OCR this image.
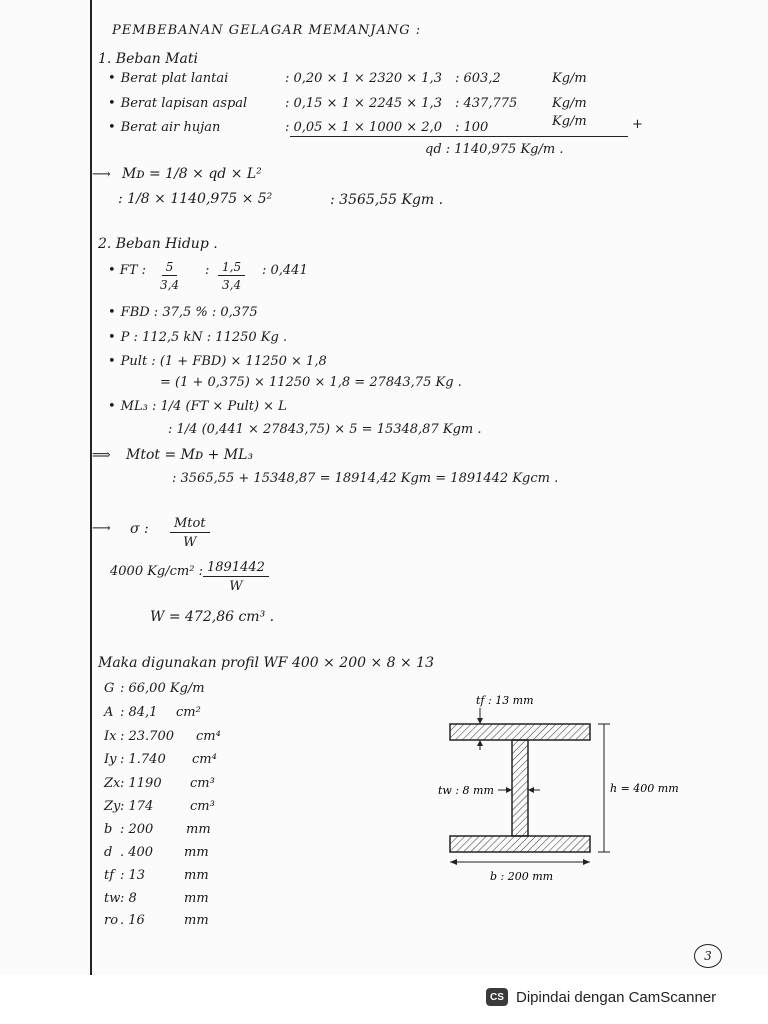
PEMBEBANAN GELAGAR MEMANJANG :
1. Beban Mati
• Berat plat lantai	: 0,20 × 1 × 2320 × 1,3 : 603,2	Kg/m
• Berat lapisan aspal	: 0,15 × 1 × 2245 × 1,3 : 437,775	Kg/m
• Berat air hujan	: 0,05 × 1 × 1000 × 2,0 : 100	Kg/m	+
qd : 1140,975 Kg/m .
⟶ Mᴅ = 1/8 × qd × L²
: 1/8 × 1140,975 × 5²	: 3565,55 Kgm .
2. Beban Hidup .
• FT : $\frac{5}{3,4}$ : $\frac{1,5}{3,4}$ : 0,441
• FBD : 37,5 % : 0,375
• P : 112,5 kN : 11250 Kg .
• Pult : (1 + FBD) × 11250 × 1,8
= (1 + 0,375) × 11250 × 1,8 = 27843,75 Kg .
• ML₃ : 1/4 (FT × Pult) × L
: 1/4 (0,441 × 27843,75) × 5 = 15348,87 Kgm .
⟹ Mtot = Mᴅ + ML₃
: 3565,55 + 15348,87 = 18914,42 Kgm = 1891442 Kgcm .
⟶ σ :	Mtot
W
4000 Kg/cm² : $\frac{1891442}{W}$
W = 472,86 cm³ .
Maka digunakan profil WF 400 × 200 × 8 × 13
G : 66,00 Kg/m
A : 84,1 cm²
Ix : 23.700 cm⁴
Iy : 1.740 cm⁴
Zx : 1190 cm³
Zy : 174	cm³
b : 200	mm
d . 400 mm
tf : 13	mm
tw : 8	mm
ro . 16	mm
tf : 13 mm
tw : 8 mm	h = 400 mm
b : 200 mm
3
CS Dipindai dengan CamScanner
